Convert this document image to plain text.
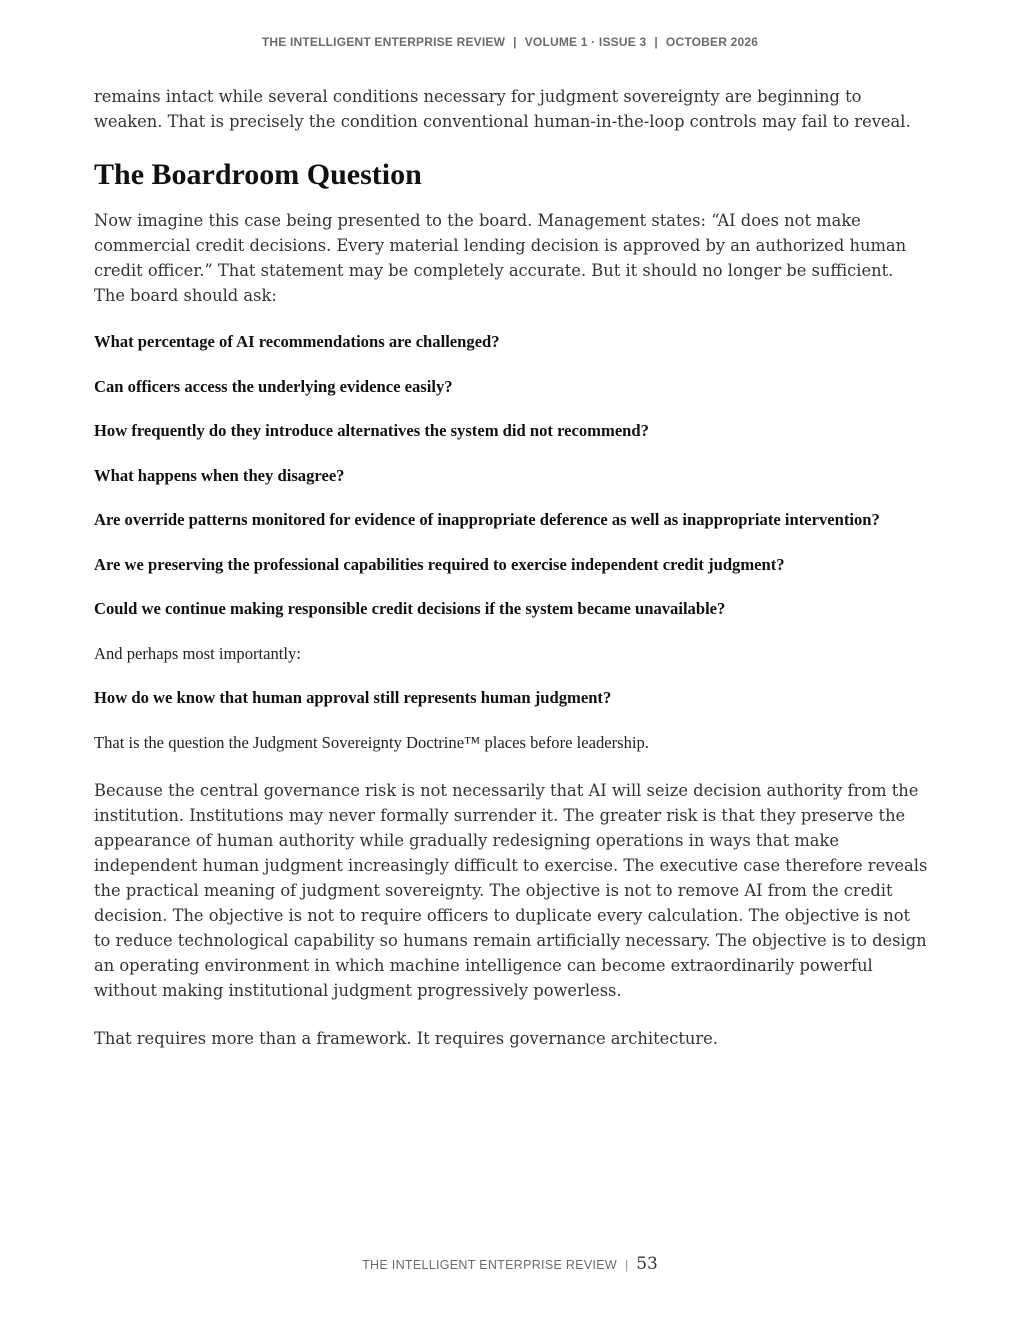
THE INTELLIGENT ENTERPRISE REVIEW | VOLUME 1 · ISSUE 3 | OCTOBER 2026

remains intact while several conditions necessary for judgment sovereignty are beginning to weaken. That is precisely the condition conventional human-in-the-loop controls may fail to reveal.

The Boardroom Question

Now imagine this case being presented to the board. Management states: “AI does not make commercial credit decisions. Every material lending decision is approved by an authorized human credit officer.” That statement may be completely accurate. But it should no longer be sufficient. The board should ask:

What percentage of AI recommendations are challenged?

Can officers access the underlying evidence easily?

How frequently do they introduce alternatives the system did not recommend?

What happens when they disagree?

Are override patterns monitored for evidence of inappropriate deference as well as inappropriate intervention?

Are we preserving the professional capabilities required to exercise independent credit judgment?

Could we continue making responsible credit decisions if the system became unavailable?

And perhaps most importantly:

How do we know that human approval still represents human judgment?

That is the question the Judgment Sovereignty Doctrine™ places before leadership.

Because the central governance risk is not necessarily that AI will seize decision authority from the institution. Institutions may never formally surrender it. The greater risk is that they preserve the appearance of human authority while gradually redesigning operations in ways that make independent human judgment increasingly difficult to exercise. The executive case therefore reveals the practical meaning of judgment sovereignty. The objective is not to remove AI from the credit decision. The objective is not to require officers to duplicate every calculation. The objective is not to reduce technological capability so humans remain artificially necessary. The objective is to design an operating environment in which machine intelligence can become extraordinarily powerful without making institutional judgment progressively powerless.

That requires more than a framework. It requires governance architecture.

THE INTELLIGENT ENTERPRISE REVIEW | 53
